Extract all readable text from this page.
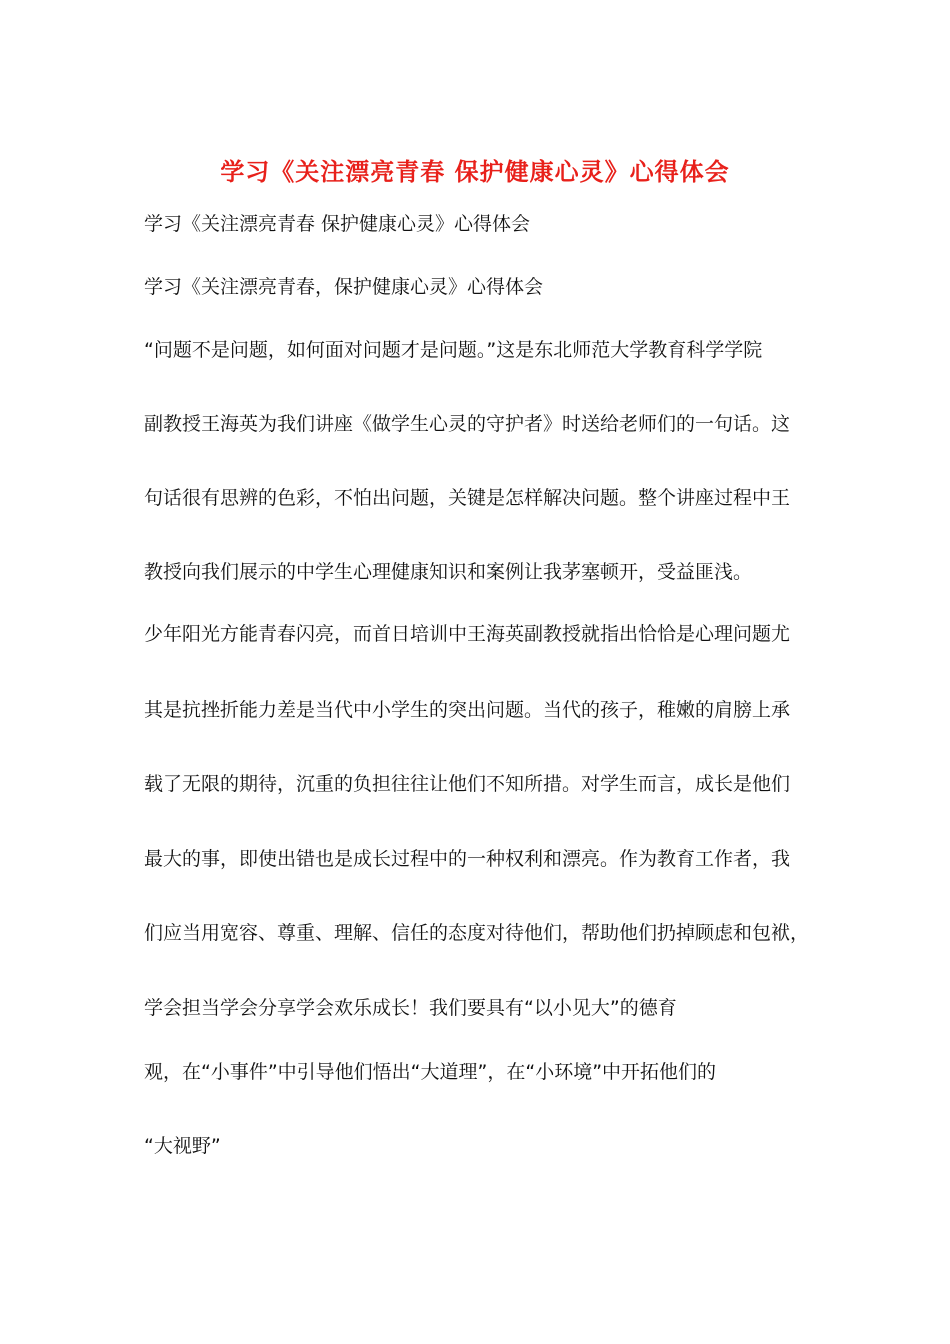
学习《关注漂亮青春 保护健康心灵》心得体会
学习《关注漂亮青春 保护健康心灵》心得体会
学习《关注漂亮青春，保护健康心灵》心得体会
“问题不是问题，如何面对问题才是问题。”这是东北师范大学教育科学学院
副教授王海英为我们讲座《做学生心灵的守护者》时送给老师们的一句话。这
句话很有思辨的色彩，不怕出问题，关键是怎样解决问题。整个讲座过程中王
教授向我们展示的中学生心理健康知识和案例让我茅塞顿开，受益匪浅。
少年阳光方能青春闪亮，而首日培训中王海英副教授就指出恰恰是心理问题尤
其是抗挫折能力差是当代中小学生的突出问题。当代的孩子，稚嫩的肩膀上承
载了无限的期待，沉重的负担往往让他们不知所措。对学生而言，成长是他们
最大的事，即使出错也是成长过程中的一种权利和漂亮。作为教育工作者，我
们应当用宽容、尊重、理解、信任的态度对待他们，帮助他们扔掉顾虑和包袱，
学会担当学会分享学会欢乐成长！我们要具有“以小见大”的德育
观，在“小事件”中引导他们悟出“大道理”，在“小环境”中开拓他们的
“大视野”
